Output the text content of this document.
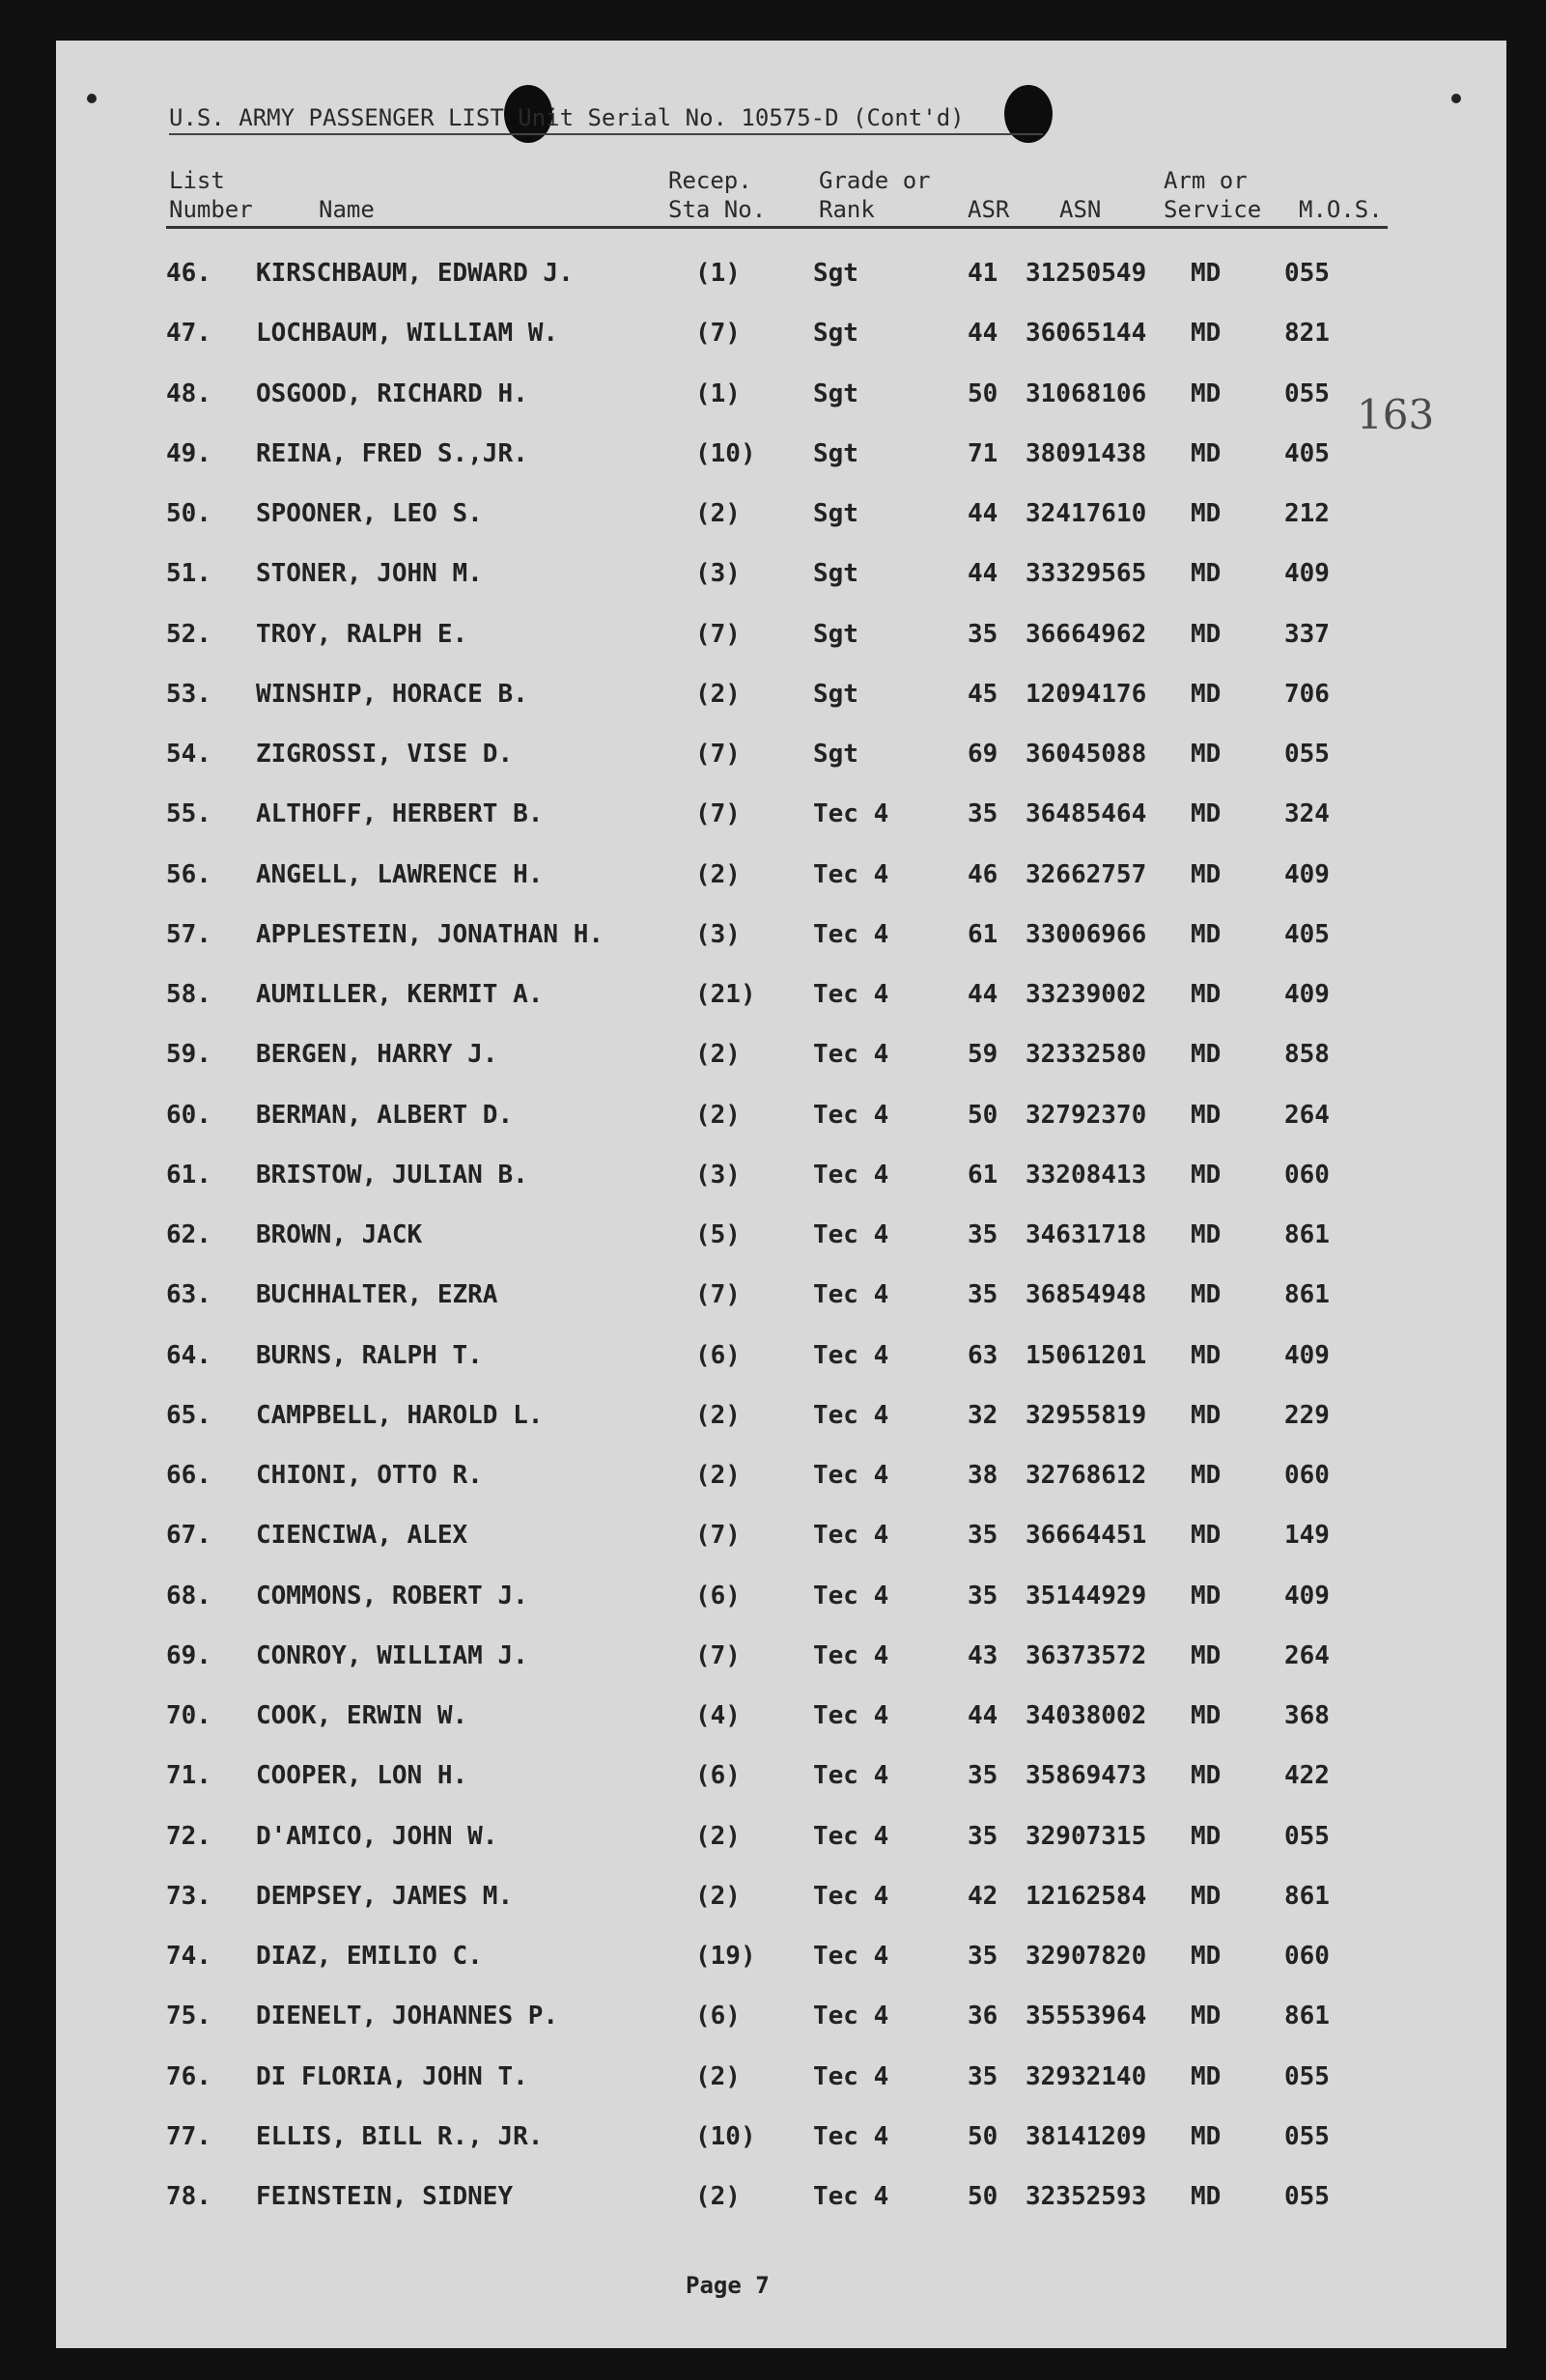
U.S. ARMY PASSENGER LIST Unit Serial No. 10575-D (Cont'd)
163
List
Number	Name
Recep.
Sta No.
Grade or
Rank	ASR ASN
Arm or
Service M.O.S.
46. KIRSCHBAUM, EDWARD J.	(1)	Sgt	41 31250549 MD	055
47. LOCHBAUM, WILLIAM W.	(7)	Sgt	44 36065144 MD	821
48. OSGOOD, RICHARD H.	(1)	Sgt	50 31068106 MD	055
49. REINA, FRED S.,JR.	(10) Sgt	71 38091438 MD	405
50. SPOONER, LEO S.	(2)	Sgt	44 32417610 MD	212
51. STONER, JOHN M.	(3)	Sgt	44 33329565 MD	409
52. TROY, RALPH E.	(7)	Sgt	35 36664962 MD	337
53. WINSHIP, HORACE B.	(2)	Sgt	45 12094176 MD	706
54. ZIGROSSI, VISE D.	(7)	Sgt	69 36045088 MD	055
55. ALTHOFF, HERBERT B.	(7)	Tec 4	35 36485464 MD	324
56. ANGELL, LAWRENCE H.	(2)	Tec 4	46 32662757 MD	409
57. APPLESTEIN, JONATHAN H.	(3)	Tec 4	61 33006966 MD	405
58. AUMILLER, KERMIT A.	(21) Tec 4	44 33239002 MD	409
59. BERGEN, HARRY J.	(2)	Tec 4	59 32332580 MD	858
60. BERMAN, ALBERT D.	(2)	Tec 4	50 32792370 MD	264
61. BRISTOW, JULIAN B.	(3)	Tec 4	61 33208413 MD	060
62. BROWN, JACK	(5)	Tec 4	35 34631718 MD	861
63. BUCHHALTER, EZRA	(7)	Tec 4	35 36854948 MD	861
64. BURNS, RALPH T.	(6)	Tec 4	63 15061201 MD	409
65. CAMPBELL, HAROLD L.	(2)	Tec 4	32 32955819 MD	229
66. CHIONI, OTTO R.	(2)	Tec 4	38 32768612 MD	060
67. CIENCIWA, ALEX	(7)	Tec 4	35 36664451 MD	149
68. COMMONS, ROBERT J.	(6)	Tec 4	35 35144929 MD	409
69. CONROY, WILLIAM J.	(7)	Tec 4	43 36373572 MD	264
70. COOK, ERWIN W.	(4)	Tec 4	44 34038002 MD	368
71. COOPER, LON H.	(6)	Tec 4	35 35869473 MD	422
72. D'AMICO, JOHN W.	(2)	Tec 4	35 32907315 MD	055
73. DEMPSEY, JAMES M.	(2)	Tec 4	42 12162584 MD	861
74. DIAZ, EMILIO C.	(19) Tec 4	35 32907820 MD	060
75. DIENELT, JOHANNES P.	(6)	Tec 4	36 35553964 MD	861
76. DI FLORIA, JOHN T.	(2)	Tec 4	35 32932140 MD	055
77. ELLIS, BILL R., JR.	(10) Tec 4	50 38141209 MD	055
78. FEINSTEIN, SIDNEY	(2)	Tec 4	50 32352593 MD	055
Page 7
